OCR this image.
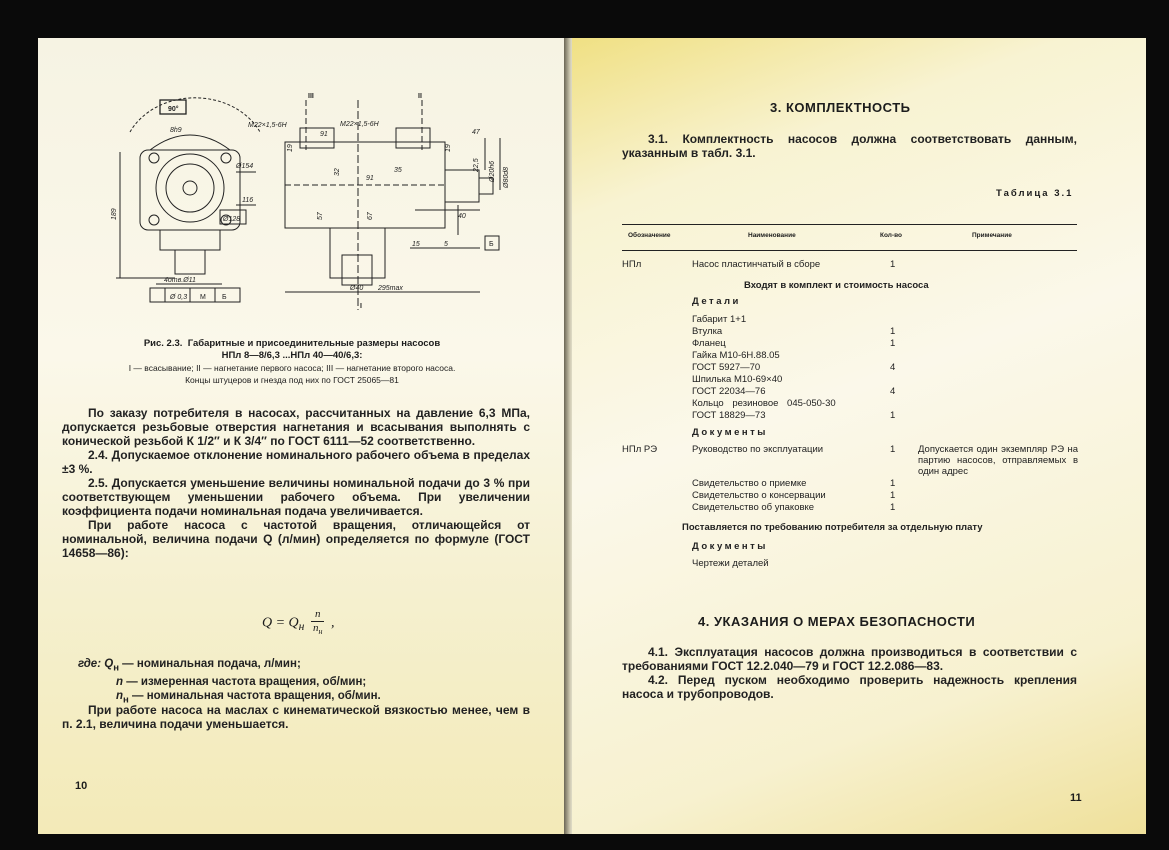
90°
8h9
М22×1,5-6Н	М22×1,5-6Н
91
32
91
35
47
22,5 Ø20h6 Ø80d8
Ø154
116
Ø128
189	67	40
15	5
Ø40 295max
4отв.Ø11
Ø 0,3 М Б
Б
III	II
I
19	19
57
Рис. 2.3. Габаритные и присоединительные размеры насосов
НПл 8—8/6,3 ...НПл 40—40/6,3:
I — всасывание; II — нагнетание первого насоса; III — нагнетание второго насоса.
Концы штуцеров и гнезда под них по ГОСТ 25065—81

По заказу потребителя в насосах, рассчитанных на давление 6,3 МПа, допускается резьбовые отверстия нагнетания и всасывания выполнять с конической резьбой К 1/2″ и К 3/4″ по ГОСТ 6111—52 соответственно.

2.4. Допускаемое отклонение номинального рабочего объема в пределах ±3 %.

2.5. Допускается уменьшение величины номинальной подачи до 3 % при соответствующем уменьшении рабочего объема. При увеличении коэффициента подачи номинальная подача увеличивается.

При работе насоса с частотой вращения, отличающейся от номинальной, величина подачи Q (л/мин) определяется по формуле (ГОСТ 14658—86):

$Q = Q_н \frac{n}{n_н}$ ,
где: $Q_н$ — номинальная подача, л/мин;
n — измеренная частота вращения, об/мин;
$n_н$ — номинальная частота вращения, об/мин.

При работе насоса на маслах с кинематической вязкостью менее, чем в п. 2.1, величина подачи уменьшается.

10
3. КОМПЛЕКТНОСТЬ

3.1. Комплектность насосов должна соответствовать данным, указанным в табл. 3.1.

Таблица 3.1
Обозначение	Наименование	Кол-во	Примечание
НПл	Насос пластинчатый в сборе	1
Входят в комплект и стоимость насоса
Детали
Габарит 1+1
Втулка	1
Фланец	1
Гайка М10-6Н.88.05
ГОСТ 5927—70	4
Шпилька М10-69×40
ГОСТ 22034—76	4
Кольцо резиновое 045-050-30
ГОСТ 18829—73	1
Документы
НПл РЭ	Руководство по эксплуатации	1 Допускается один экземпляр РЭ на партию насосов, отправляемых в один адрес
Свидетельство о приемке	1
Свидетельство о консервации	1
Свидетельство об упаковке	1
Поставляется по требованию потребителя за отдельную плату
Документы
Чертежи деталей
4. УКАЗАНИЯ О МЕРАХ БЕЗОПАСНОСТИ

4.1. Эксплуатация насосов должна производиться в соответствии с требованиями ГОСТ 12.2.040—79 и ГОСТ 12.2.086—83.

4.2. Перед пуском необходимо проверить надежность крепления насоса и трубопроводов.

11
